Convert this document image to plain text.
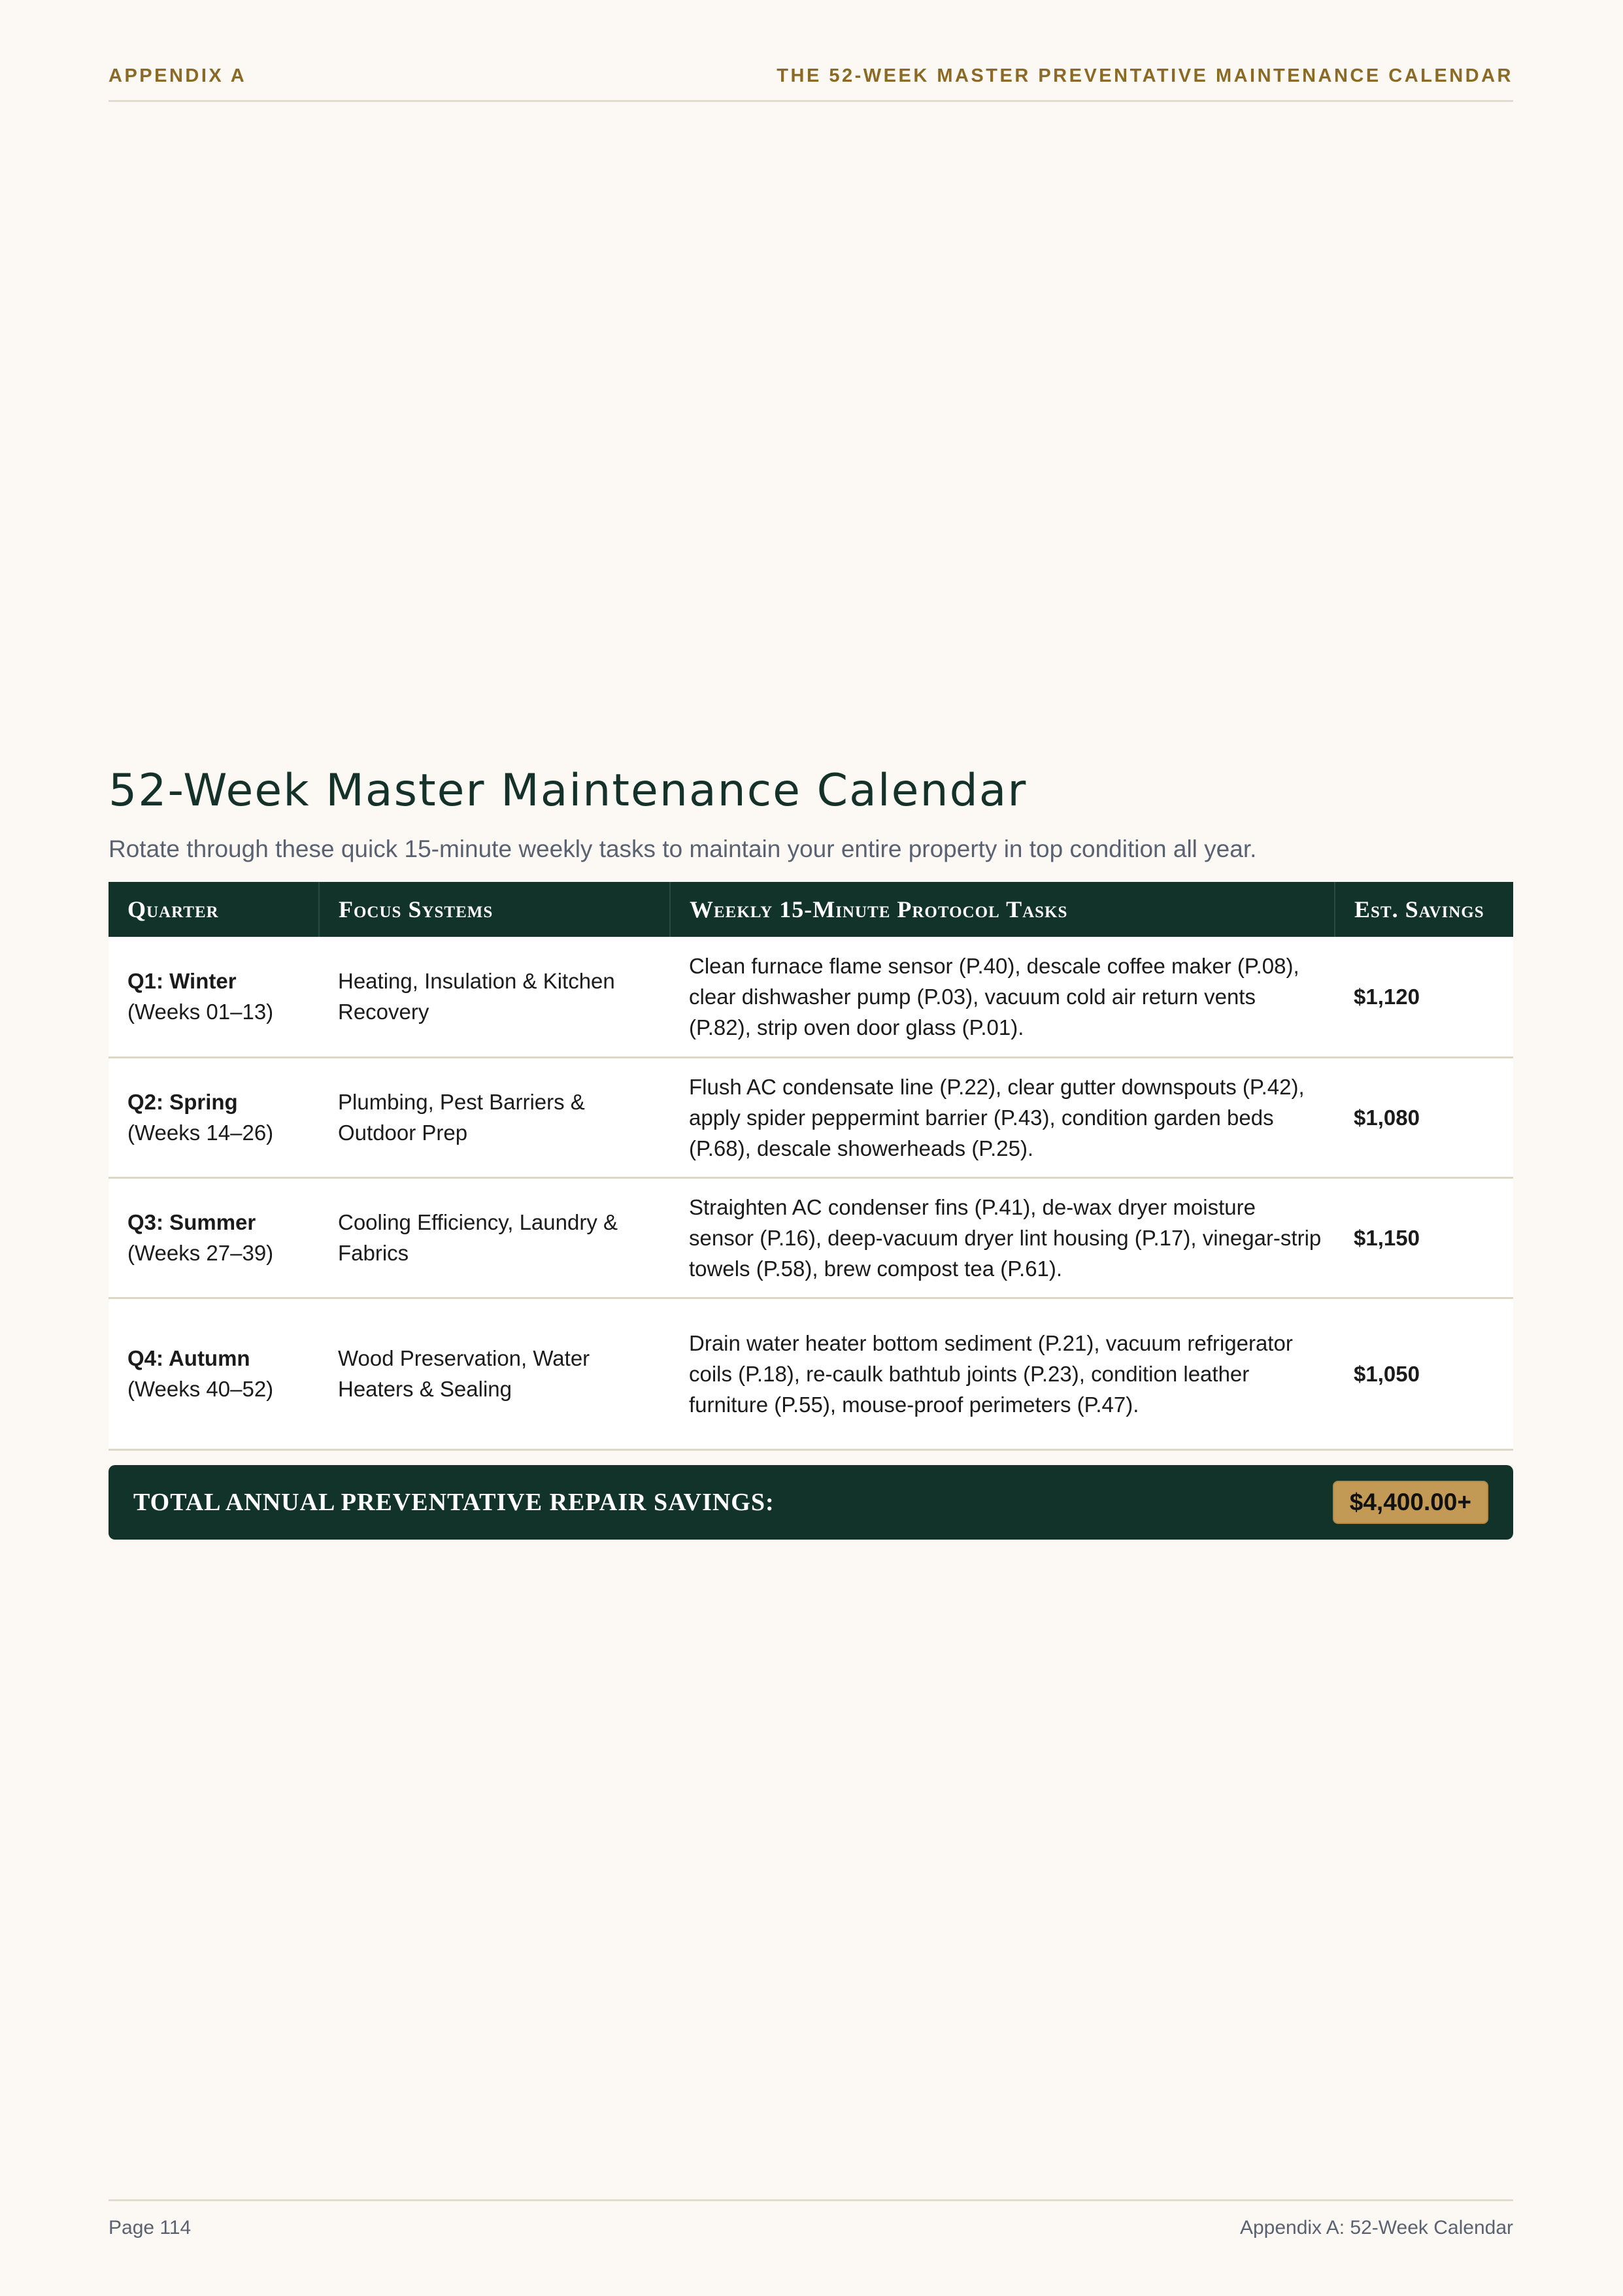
APPENDIX A	THE 52-WEEK MASTER PREVENTATIVE MAINTENANCE CALENDAR
52-Week Master Maintenance Calendar

Rotate through these quick 15-minute weekly tasks to maintain your entire property in top condition all year.

Quarter	Focus Systems	Weekly 15-Minute Protocol Tasks	Est. Savings

Q1: Winter
(Weeks 01–13)	Heating, Insulation & Kitchen Recovery	Clean furnace flame sensor (P.40), descale coffee maker (P.08), clear dishwasher pump (P.03), vacuum cold air return vents (P.82), strip oven door glass (P.01).	$1,120

Q2: Spring
(Weeks 14–26)	Plumbing, Pest Barriers & Outdoor Prep	Flush AC condensate line (P.22), clear gutter downspouts (P.42), apply spider peppermint barrier (P.43), condition garden beds (P.68), descale showerheads (P.25).	$1,080

Q3: Summer
(Weeks 27–39)	Cooling Efficiency, Laundry & Fabrics	Straighten AC condenser fins (P.41), de-wax dryer moisture sensor (P.16), deep-vacuum dryer lint housing (P.17), vinegar-strip towels (P.58), brew compost tea (P.61).	$1,150

Q4: Autumn
(Weeks 40–52)	Wood Preservation, Water Heaters & Sealing	Drain water heater bottom sediment (P.21), vacuum refrigerator coils (P.18), re-caulk bathtub joints (P.23), condition leather furniture (P.55), mouse-proof perimeters (P.47).	$1,050
TOTAL ANNUAL PREVENTATIVE REPAIR SAVINGS:	$4,400.00+
Page 114	Appendix A: 52-Week Calendar
